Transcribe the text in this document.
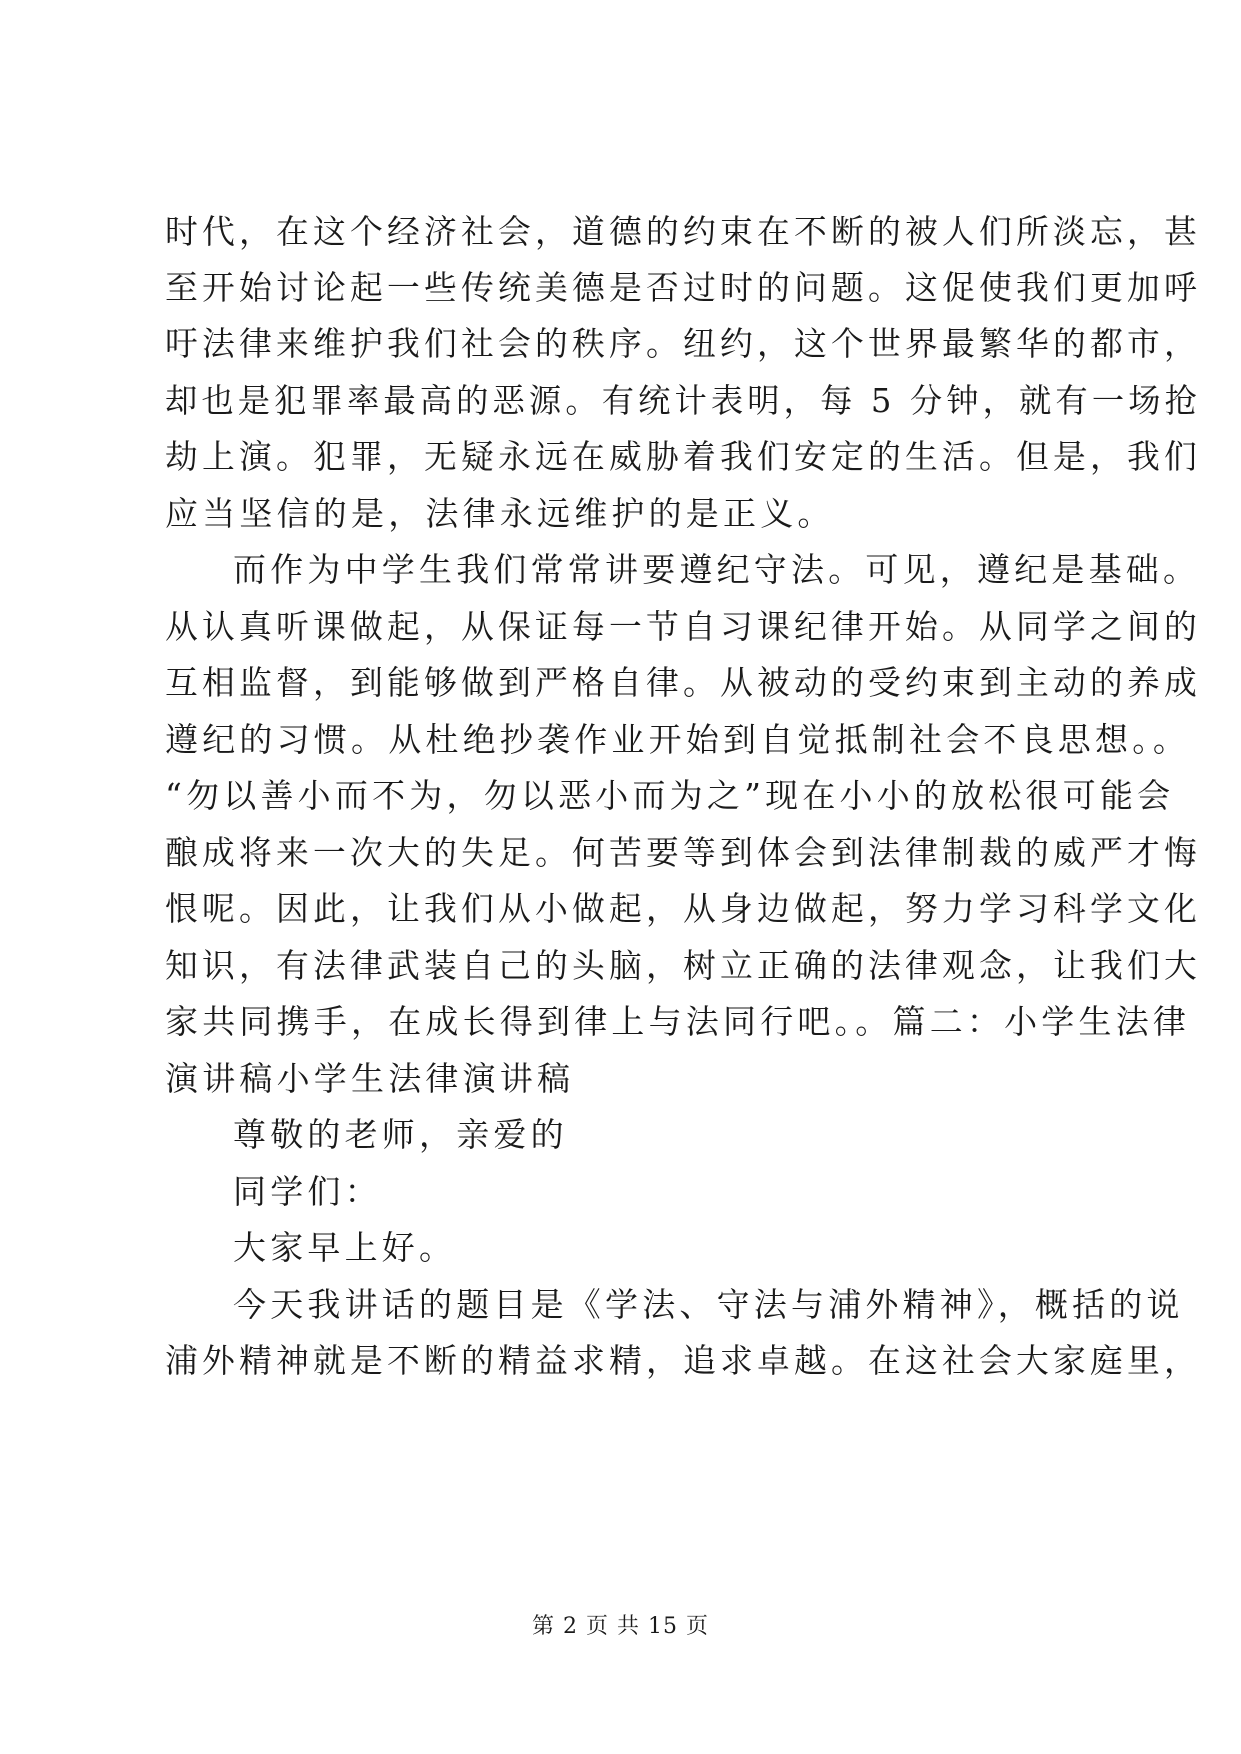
时代，在这个经济社会，道德的约束在不断的被人们所淡忘，甚
至开始讨论起一些传统美德是否过时的问题。这促使我们更加呼
吁法律来维护我们社会的秩序。纽约，这个世界最繁华的都市，
却也是犯罪率最高的恶源。有统计表明，每 5 分钟，就有一场抢
劫上演。犯罪，无疑永远在威胁着我们安定的生活。但是，我们
应当坚信的是，法律永远维护的是正义。
而作为中学生我们常常讲要遵纪守法。可见，遵纪是基础。
从认真听课做起，从保证每一节自习课纪律开始。从同学之间的
互相监督，到能够做到严格自律。从被动的受约束到主动的养成
遵纪的习惯。从杜绝抄袭作业开始到自觉抵制社会不良思想。。
“勿以善小而不为，勿以恶小而为之”现在小小的放松很可能会
酿成将来一次大的失足。何苦要等到体会到法律制裁的威严才悔
恨呢。因此，让我们从小做起，从身边做起，努力学习科学文化
知识，有法律武装自己的头脑，树立正确的法律观念，让我们大
家共同携手，在成长得到律上与法同行吧。。篇二：小学生法律
演讲稿小学生法律演讲稿
尊敬的老师，亲爱的
同学们：
大家早上好。
今天我讲话的题目是《学法、守法与浦外精神》，概括的说
浦外精神就是不断的精益求精，追求卓越。在这社会大家庭里，
第 2 页 共 15 页
